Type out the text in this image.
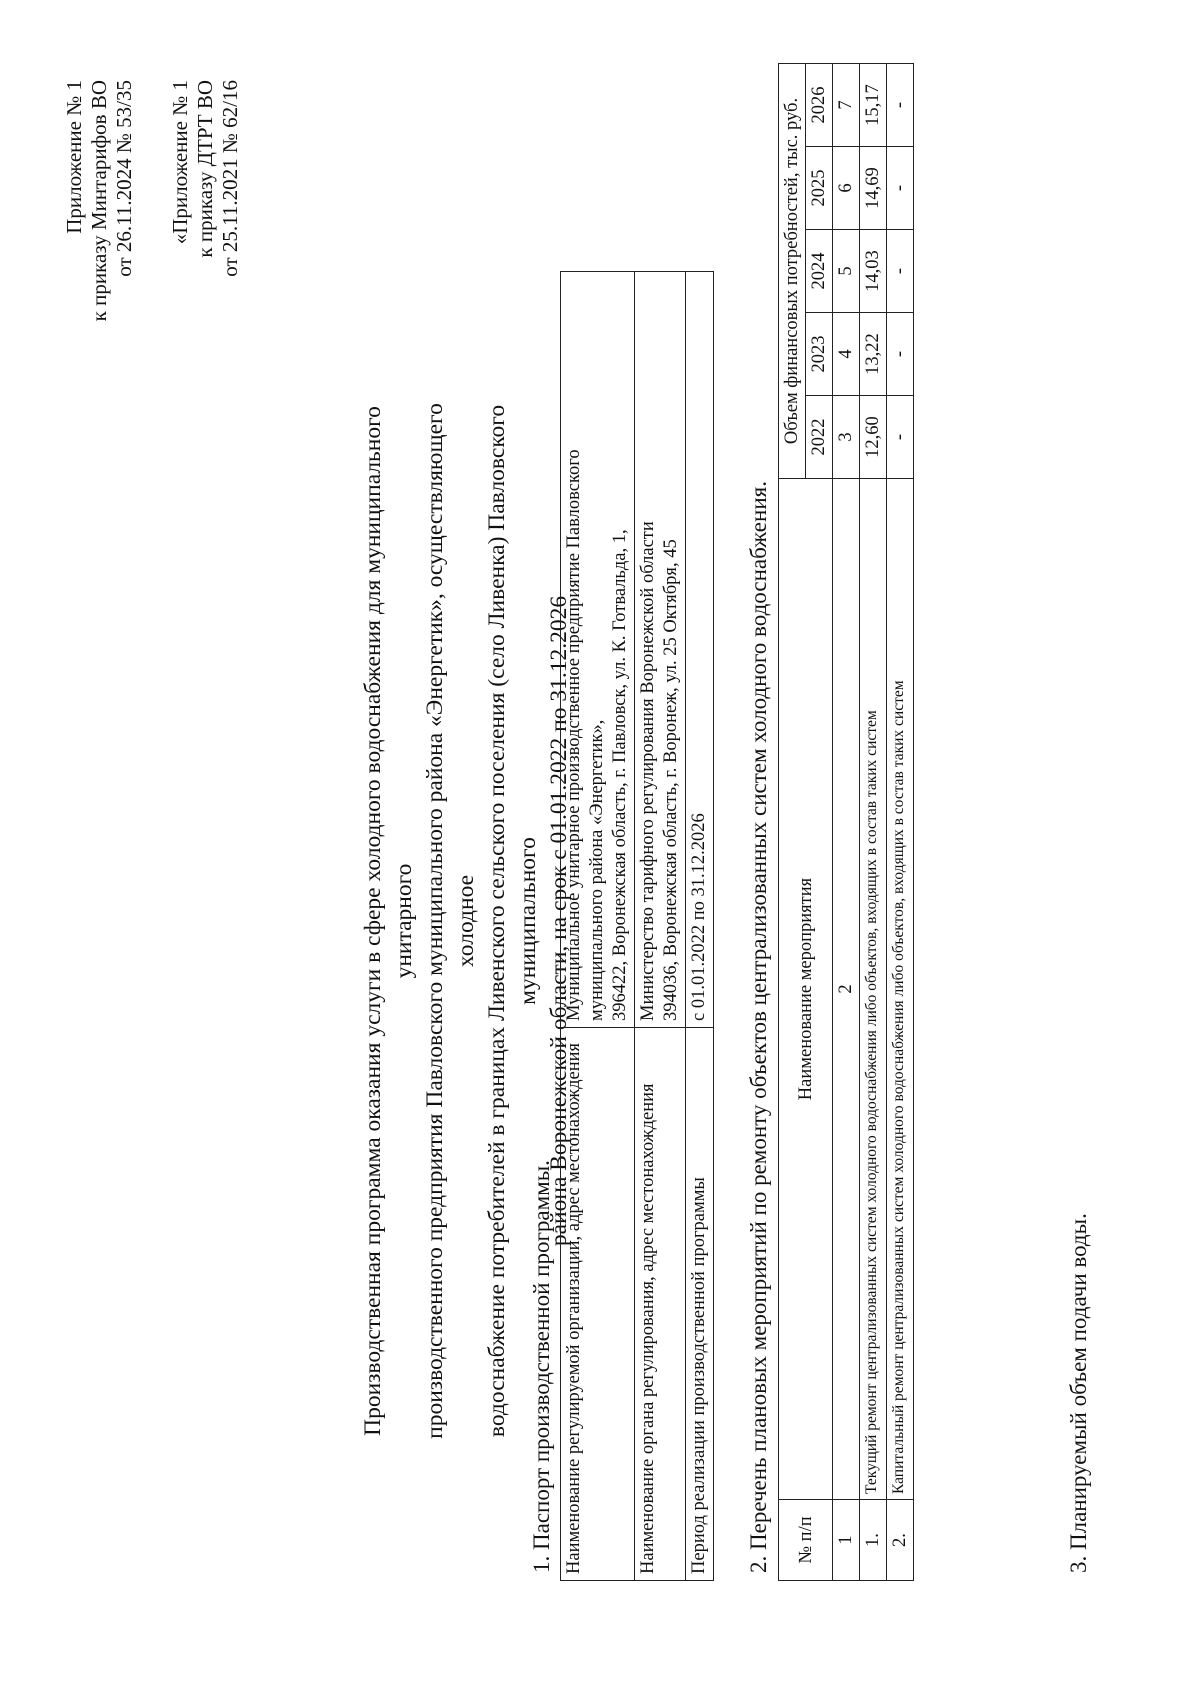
Приложение № 1 к приказу Минтарифов ВО от 26.11.2024 № 53/35 «Приложение № 1 к приказу ДТРТ ВО от 25.11.2021 № 62/16
Производственная программа оказания услуги в сфере холодного водоснабжения для муниципального унитарного производственного предприятия Павловского муниципального района «Энергетик», осуществляющего холодное водоснабжение потребителей в границах Ливенского сельского поселения (село Ливенка) Павловского муниципального района Воронежской области, на срок с 01.01.2022 по 31.12.2026
1. Паспорт производственной программы. Наименование регулируемой организации, адрес местонахождения	Муниципальное унитарное производственное предприятие Павловского муниципального района «Энергетик», 396422, Воронежская область, г. Павловск, ул. К. Готвальда, 1,

Наименование органа регулирования, адрес местонахождения	Министерство тарифного регулирования Воронежской области 394036, Воронежская область, г. Воронеж, ул. 25 Октября, 45

Период реализации производственной программы	с 01.01.2022 по 31.12.2026 2. Перечень плановых мероприятий по ремонту объектов централизованных систем холодного водоснабжения. № п/п	Наименование мероприятия	Объем финансовых потребностей, тыс. руб.				
		2022	2023	2024	2025	2026
1	2	3	4	5	6	7
1.	Текущий ремонт централизованных систем холодного водоснабжения либо объектов, входящих в состав таких систем	12,60	13,22	14,03	14,69	15,17
2.	Капитальный ремонт централизованных систем холодного водоснабжения либо объектов, входящих в состав таких систем	-	-	-	-	-
3. Планируемый объем подачи воды.
